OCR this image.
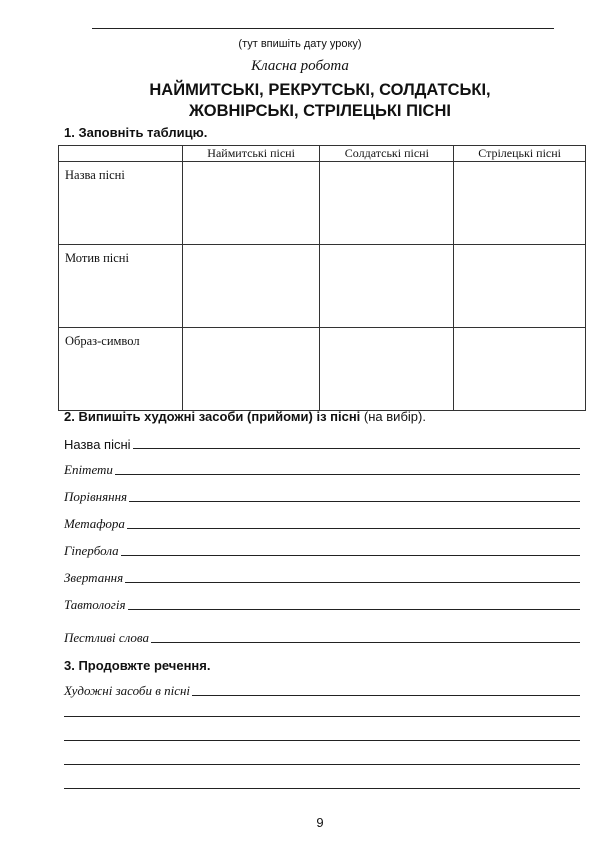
(тут впишіть дату уроку)
Класна робота
НАЙМИТСЬКІ, РЕКРУТСЬКІ, СОЛДАТСЬКІ,
ЖОВНІРСЬКІ, СТРІЛЕЦЬКІ ПІСНІ
1. Заповніть таблицю.
	Наймитські пісні	Солдатські пісні	Стрілецькі пісні
Назва пісні			
Мотив пісні			
Образ-символ			
2. Випишіть художні засоби (прийоми) із пісні (на вибір).
Назва пісні
Епітети
Порівняння
Метафора
Гіпербола
Звертання
Тавтологія
Пестливі слова
3. Продовжте речення.
Художні засоби в пісні
9
